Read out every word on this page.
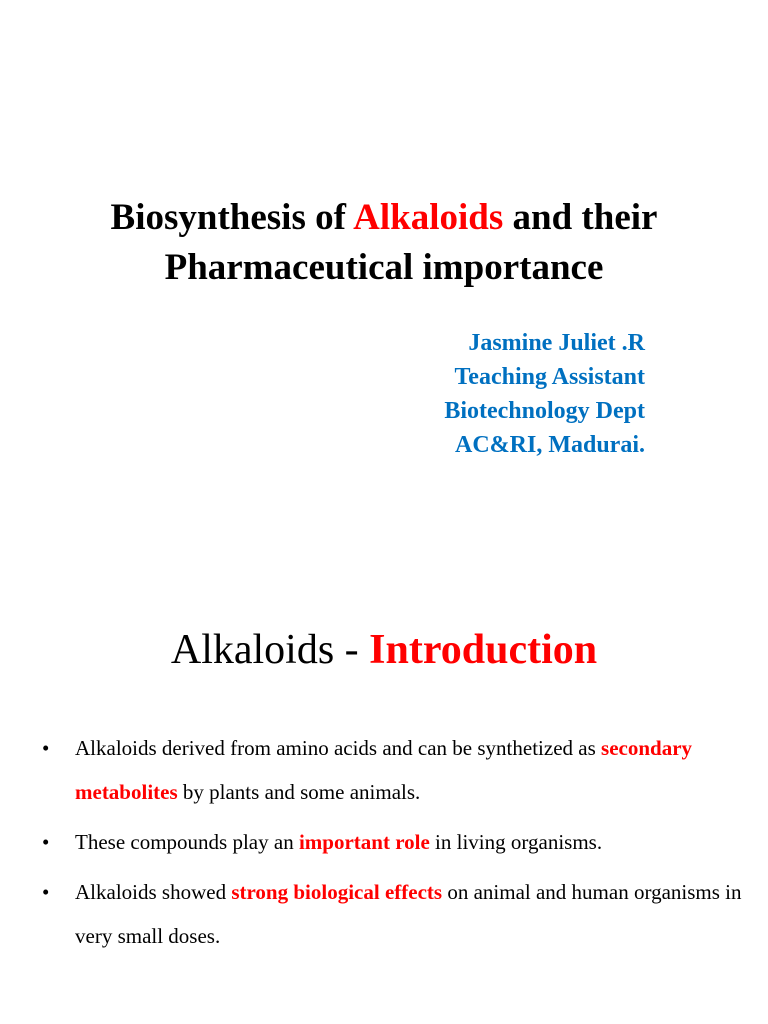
Biosynthesis of Alkaloids and their
Pharmaceutical importance
Jasmine Juliet .R
Teaching Assistant
Biotechnology Dept
AC&RI, Madurai.
Alkaloids - Introduction
• Alkaloids derived from amino acids and can be synthetized as secondary metabolites by plants and some animals.
• These compounds play an important role in living organisms.
• Alkaloids showed strong biological effects on animal and human organisms in very small doses.
